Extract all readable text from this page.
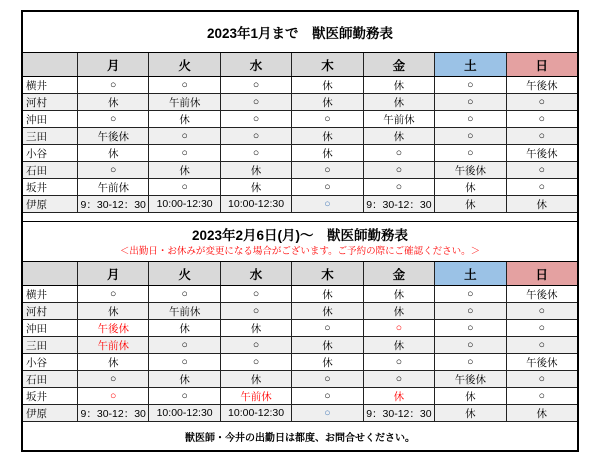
2023年1月まで　獣医師勤務表
月	火	水	木	金	土	日
横井	○	○	○	休	休	○	午後休
河村	休	午前休	○	休	休	○	○
沖田	○	休	○	○	午前休	○	○
三田	午後休	○	○	休	休	○	○
小谷	休	○	○	休	○	○	午後休
石田	○	休	休	○	○	午後休	○
坂井	午前休	○	休	○	○	休	○
伊原	9：30-12：30	10:00-12:30	10:00-12:30	○	9：30-12：30	休	休
2023年2月6日(月)～　獣医師勤務表
＜出勤日・お休みが変更になる場合がございます。ご予約の際にご確認ください。＞
月	火	水	木	金	土	日
横井	○	○	○	休	休	○	午後休
河村	休	午前休	○	休	休	○	○
沖田	午後休	休	休	○	○	○	○
三田	午前休	○	○	休	休	○	○
小谷	休	○	○	休	○	○	午後休
石田	○	休	休	○	○	午後休	○
坂井	○	○	午前休	○	休	休	○
伊原	9：30-12：30	10:00-12:30	10:00-12:30	○	9：30-12：30	休	休
獣医師・今井の出勤日は都度、お問合せください。
